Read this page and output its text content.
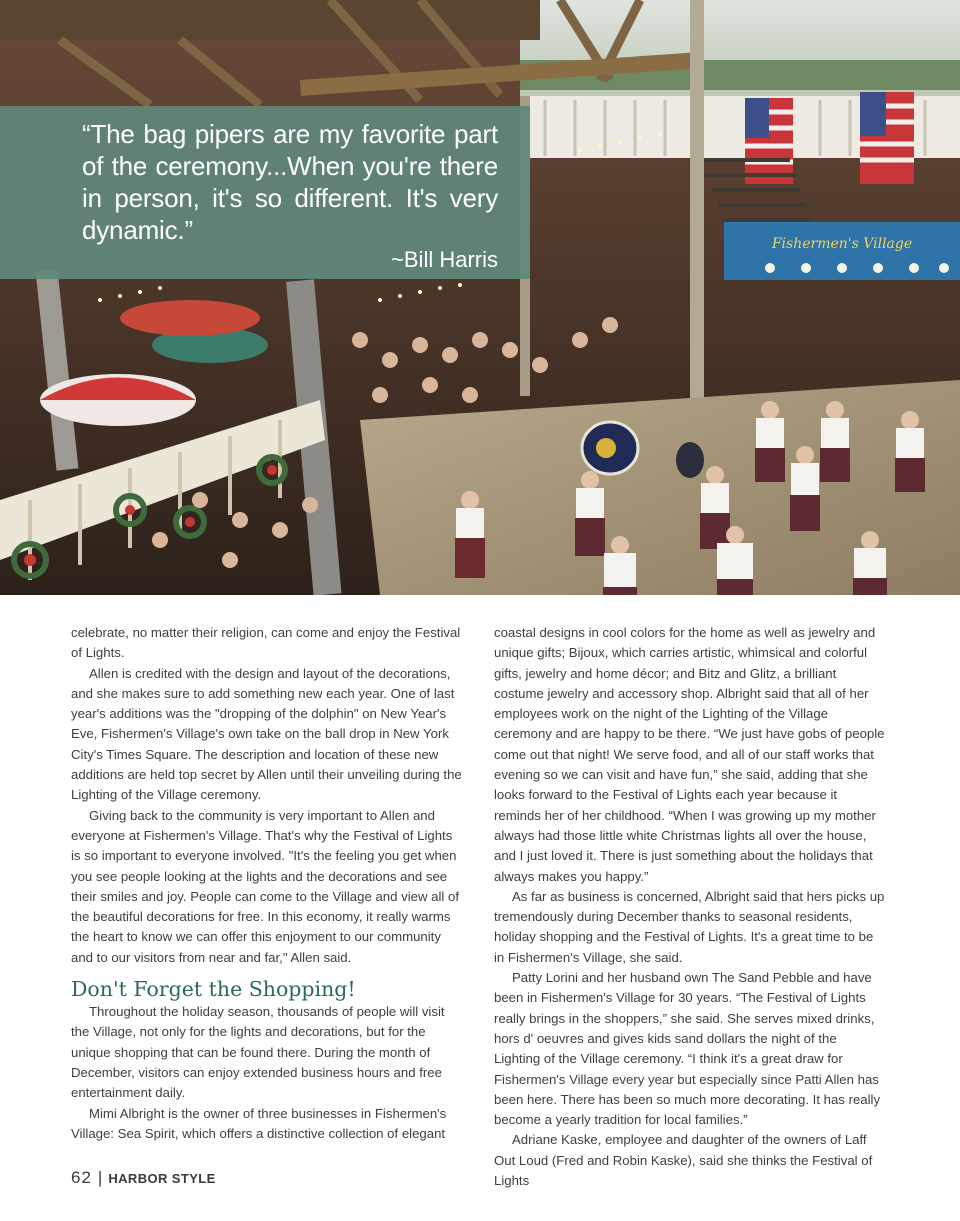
Fishermen's Village

“The bag pipers are my favorite part of the ceremony...When you're there in person, it's so different. It's very dynamic.”

~Bill Harris

celebrate, no matter their religion, can come and enjoy the Festival of Lights.

Allen is credited with the design and layout of the decorations, and she makes sure to add something new each year. One of last year's additions was the "dropping of the dolphin" on New Year's Eve, Fishermen's Village's own take on the ball drop in New York City's Times Square. The description and location of these new additions are held top secret by Allen until their unveiling during the Lighting of the Village ceremony.

Giving back to the community is very important to Allen and everyone at Fishermen's Village. That's why the Festival of Lights is so important to everyone involved. "It's the feeling you get when you see people looking at the lights and the decorations and see their smiles and joy. People can come to the Village and view all of the beautiful decorations for free. In this economy, it really warms the heart to know we can offer this enjoyment to our community and to our visitors from near and far," Allen said.

Don't Forget the Shopping!

Throughout the holiday season, thousands of people will visit the Village, not only for the lights and decorations, but for the unique shopping that can be found there. During the month of December, visitors can enjoy extended business hours and free entertainment daily.

Mimi Albright is the owner of three businesses in Fishermen's Village: Sea Spirit, which offers a distinctive collection of elegant

coastal designs in cool colors for the home as well as jewelry and unique gifts; Bijoux, which carries artistic, whimsical and colorful gifts, jewelry and home décor; and Bitz and Glitz, a brilliant costume jewelry and accessory shop. Albright said that all of her employees work on the night of the Lighting of the Village ceremony and are happy to be there. “We just have gobs of people come out that night! We serve food, and all of our staff works that evening so we can visit and have fun,” she said, adding that she looks forward to the Festival of Lights each year because it reminds her of her childhood. “When I was growing up my mother always had those little white Christmas lights all over the house, and I just loved it. There is just something about the holidays that always makes you happy.”

As far as business is concerned, Albright said that hers picks up tremendously during December thanks to seasonal residents, holiday shopping and the Festival of Lights. It's a great time to be in Fishermen's Village, she said.

Patty Lorini and her husband own The Sand Pebble and have been in Fishermen's Village for 30 years. “The Festival of Lights really brings in the shoppers,” she said. She serves mixed drinks, hors d' oeuvres and gives kids sand dollars the night of the Lighting of the Village ceremony. “I think it's a great draw for Fishermen's Village every year but especially since Patti Allen has been here. There has been so much more decorating. It has really become a yearly tradition for local families.”

Adriane Kaske, employee and daughter of the owners of Laff Out Loud (Fred and Robin Kaske), said she thinks the Festival of Lights

62 | HARBOR STYLE
